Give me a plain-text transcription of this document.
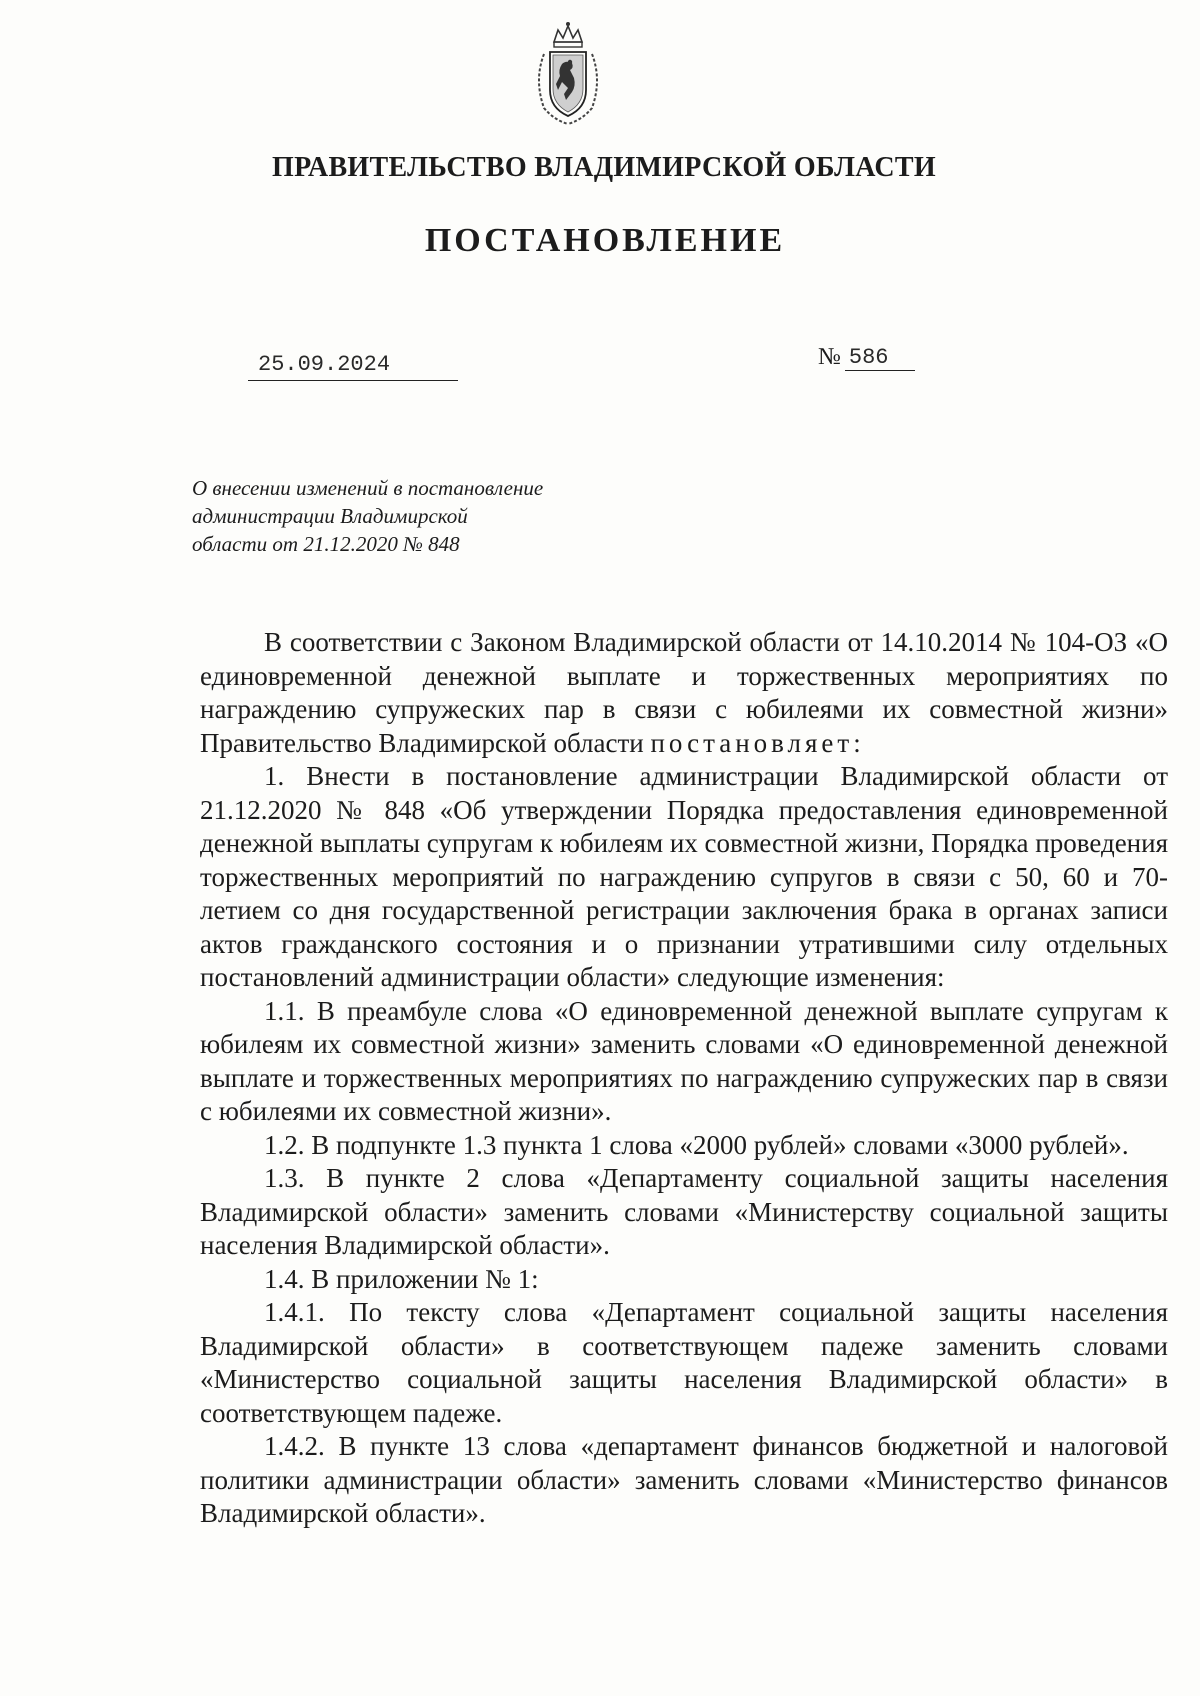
ПРАВИТЕЛЬСТВО ВЛАДИМИРСКОЙ ОБЛАСТИ
ПОСТАНОВЛЕНИЕ
25.09.2024	№ 586
О внесении изменений в постановление
администрации Владимирской
области от 21.12.2020 № 848

В соответствии с Законом Владимирской области от 14.10.2014 № 104-ОЗ «О единовременной денежной выплате и торжественных мероприятиях по награждению супружеских пар в связи с юбилеями их совместной жизни» Правительство Владимирской области постановляет:

1. Внести в постановление администрации Владимирской области от 21.12.2020 № 848 «Об утверждении Порядка предоставления единовременной денежной выплаты супругам к юбилеям их совместной жизни, Порядка проведения торжественных мероприятий по награждению супругов в связи с 50, 60 и 70-летием со дня государственной регистрации заключения брака в органах записи актов гражданского состояния и о признании утратившими силу отдельных постановлений администрации области» следующие изменения:

1.1. В преамбуле слова «О единовременной денежной выплате супругам к юбилеям их совместной жизни» заменить словами «О единовременной денежной выплате и торжественных мероприятиях по награждению супружеских пар в связи с юбилеями их совместной жизни».

1.2. В подпункте 1.3 пункта 1 слова «2000 рублей» словами «3000 рублей».

1.3. В пункте 2 слова «Департаменту социальной защиты населения Владимирской области» заменить словами «Министерству социальной защиты населения Владимирской области».

1.4. В приложении № 1:

1.4.1. По тексту слова «Департамент социальной защиты населения Владимирской области» в соответствующем падеже заменить словами «Министерство социальной защиты населения Владимирской области» в соответствующем падеже.

1.4.2. В пункте 13 слова «департамент финансов бюджетной и налоговой политики администрации области» заменить словами «Министерство финансов Владимирской области».
